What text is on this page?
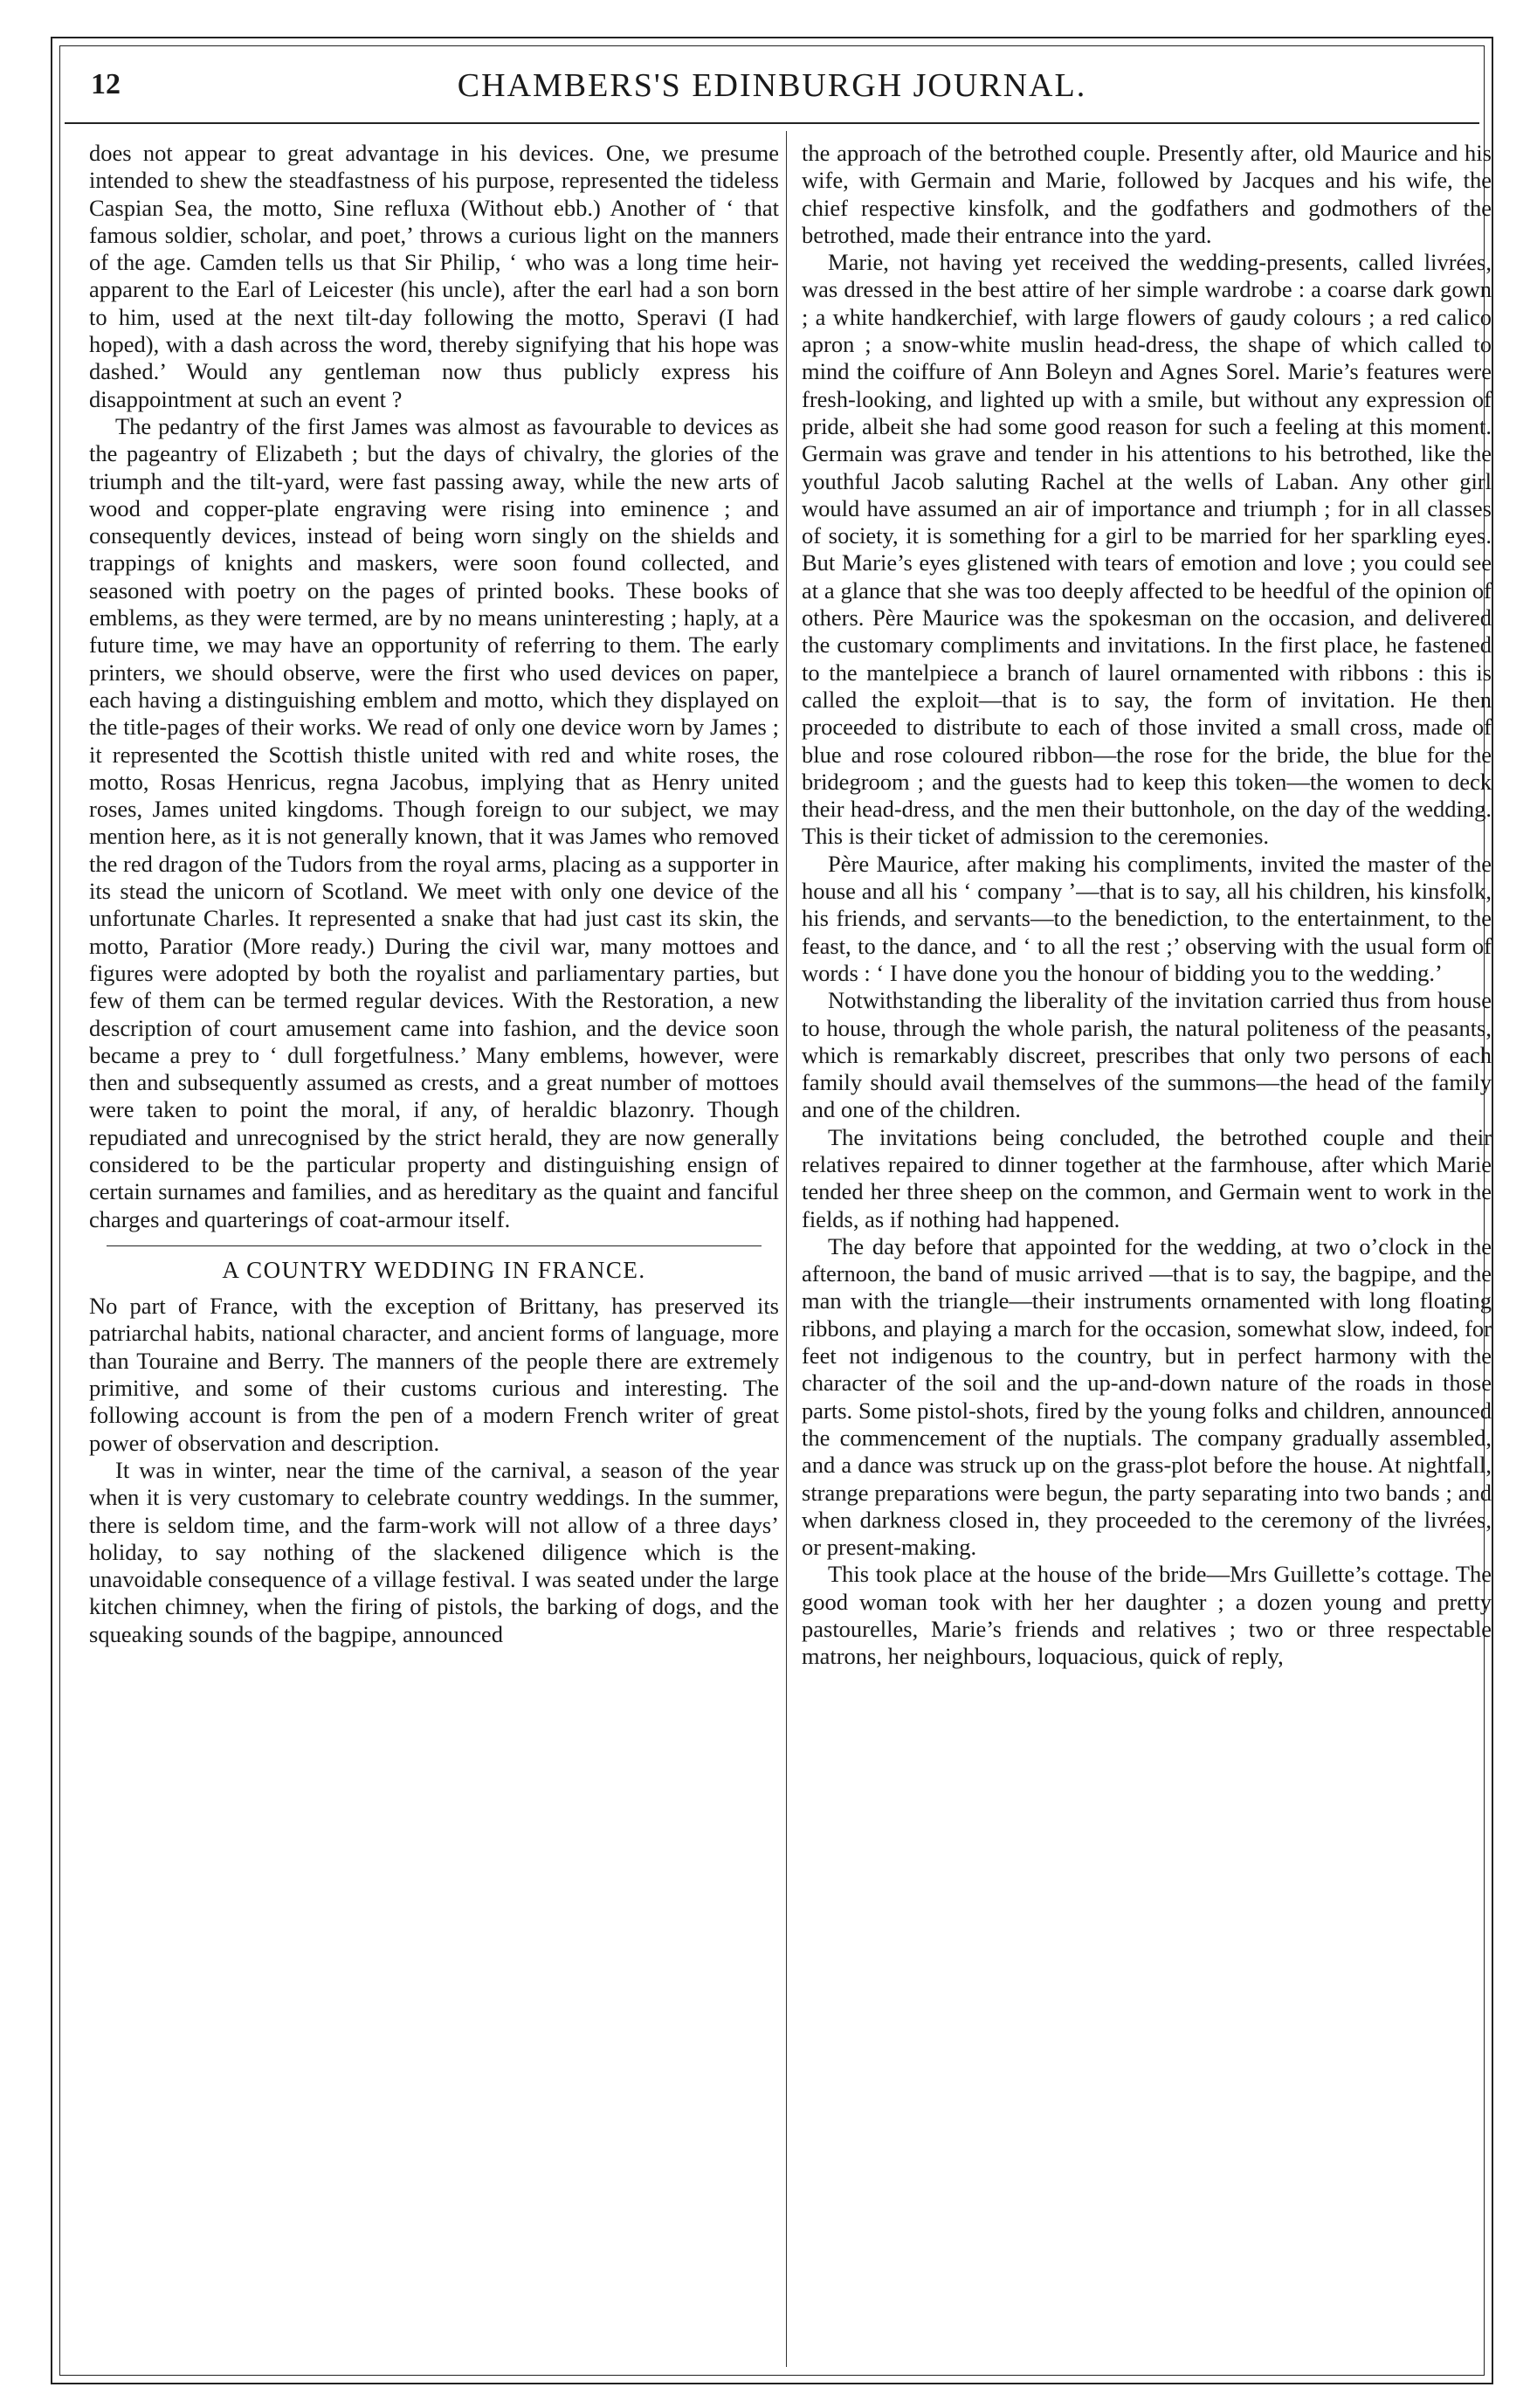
12	CHAMBERS'S EDINBURGH JOURNAL.

does not appear to great advantage in his devices. One, we presume intended to shew the steadfastness of his purpose, represented the tideless Caspian Sea, the motto, Sine refluxa (Without ebb.) Another of ‘ that famous soldier, scholar, and poet,’ throws a curious light on the manners of the age. Camden tells us that Sir Philip, ‘ who was a long time heir-apparent to the Earl of Leicester (his uncle), after the earl had a son born to him, used at the next tilt-day following the motto, Speravi (I had hoped), with a dash across the word, thereby signifying that his hope was dashed.’ Would any gentleman now thus publicly express his disappointment at such an event ?

The pedantry of the first James was almost as favourable to devices as the pageantry of Elizabeth ; but the days of chivalry, the glories of the triumph and the tilt-yard, were fast passing away, while the new arts of wood and copper-plate engraving were rising into eminence ; and consequently devices, instead of being worn singly on the shields and trappings of knights and maskers, were soon found collected, and seasoned with poetry on the pages of printed books. These books of emblems, as they were termed, are by no means uninteresting ; haply, at a future time, we may have an opportunity of referring to them. The early printers, we should observe, were the first who used devices on paper, each having a distinguishing emblem and motto, which they displayed on the title-pages of their works. We read of only one device worn by James ; it represented the Scottish thistle united with red and white roses, the motto, Rosas Henricus, regna Jacobus, implying that as Henry united roses, James united kingdoms. Though foreign to our subject, we may mention here, as it is not generally known, that it was James who removed the red dragon of the Tudors from the royal arms, placing as a supporter in its stead the unicorn of Scotland. We meet with only one device of the unfortunate Charles. It represented a snake that had just cast its skin, the motto, Paratior (More ready.) During the civil war, many mottoes and figures were adopted by both the royalist and parliamentary parties, but few of them can be termed regular devices. With the Restoration, a new description of court amusement came into fashion, and the device soon became a prey to ‘ dull forgetfulness.’ Many emblems, however, were then and subsequently assumed as crests, and a great number of mottoes were taken to point the moral, if any, of heraldic blazonry. Though repudiated and unrecognised by the strict herald, they are now generally considered to be the particular property and distinguishing ensign of certain surnames and families, and as hereditary as the quaint and fanciful charges and quarterings of coat-armour itself.

A COUNTRY WEDDING IN FRANCE.

No part of France, with the exception of Brittany, has preserved its patriarchal habits, national character, and ancient forms of language, more than Touraine and Berry. The manners of the people there are extremely primitive, and some of their customs curious and interesting. The following account is from the pen of a modern French writer of great power of observation and description.

It was in winter, near the time of the carnival, a season of the year when it is very customary to celebrate country weddings. In the summer, there is seldom time, and the farm-work will not allow of a three days’ holiday, to say nothing of the slackened diligence which is the unavoidable consequence of a village festival. I was seated under the large kitchen chimney, when the firing of pistols, the barking of dogs, and the squeaking sounds of the bagpipe, announced

the approach of the betrothed couple. Presently after, old Maurice and his wife, with Germain and Marie, followed by Jacques and his wife, the chief respective kinsfolk, and the godfathers and godmothers of the betrothed, made their entrance into the yard.

Marie, not having yet received the wedding-presents, called livrées, was dressed in the best attire of her simple wardrobe : a coarse dark gown ; a white handkerchief, with large flowers of gaudy colours ; a red calico apron ; a snow-white muslin head-dress, the shape of which called to mind the coiffure of Ann Boleyn and Agnes Sorel. Marie’s features were fresh-looking, and lighted up with a smile, but without any expression of pride, albeit she had some good reason for such a feeling at this moment. Germain was grave and tender in his attentions to his betrothed, like the youthful Jacob saluting Rachel at the wells of Laban. Any other girl would have assumed an air of importance and triumph ; for in all classes of society, it is something for a girl to be married for her sparkling eyes. But Marie’s eyes glistened with tears of emotion and love ; you could see at a glance that she was too deeply affected to be heedful of the opinion of others. Père Maurice was the spokesman on the occasion, and delivered the customary compliments and invitations. In the first place, he fastened to the mantelpiece a branch of laurel ornamented with ribbons : this is called the exploit—that is to say, the form of invitation. He then proceeded to distribute to each of those invited a small cross, made of blue and rose coloured ribbon—the rose for the bride, the blue for the bridegroom ; and the guests had to keep this token—the women to deck their head-dress, and the men their buttonhole, on the day of the wedding. This is their ticket of admission to the ceremonies.

Père Maurice, after making his compliments, invited the master of the house and all his ‘ company ’—that is to say, all his children, his kinsfolk, his friends, and servants—to the benediction, to the entertainment, to the feast, to the dance, and ‘ to all the rest ;’ observing with the usual form of words : ‘ I have done you the honour of bidding you to the wedding.’

Notwithstanding the liberality of the invitation carried thus from house to house, through the whole parish, the natural politeness of the peasants, which is remarkably discreet, prescribes that only two persons of each family should avail themselves of the summons—the head of the family and one of the children.

The invitations being concluded, the betrothed couple and their relatives repaired to dinner together at the farmhouse, after which Marie tended her three sheep on the common, and Germain went to work in the fields, as if nothing had happened.

The day before that appointed for the wedding, at two o’clock in the afternoon, the band of music arrived —that is to say, the bagpipe, and the man with the triangle—their instruments ornamented with long floating ribbons, and playing a march for the occasion, somewhat slow, indeed, for feet not indigenous to the country, but in perfect harmony with the character of the soil and the up-and-down nature of the roads in those parts. Some pistol-shots, fired by the young folks and children, announced the commencement of the nuptials. The company gradually assembled, and a dance was struck up on the grass-plot before the house. At nightfall, strange preparations were begun, the party separating into two bands ; and when darkness closed in, they proceeded to the ceremony of the livrées, or present-making.

This took place at the house of the bride—Mrs Guillette’s cottage. The good woman took with her her daughter ; a dozen young and pretty pastourelles, Marie’s friends and relatives ; two or three respectable matrons, her neighbours, loquacious, quick of reply,
